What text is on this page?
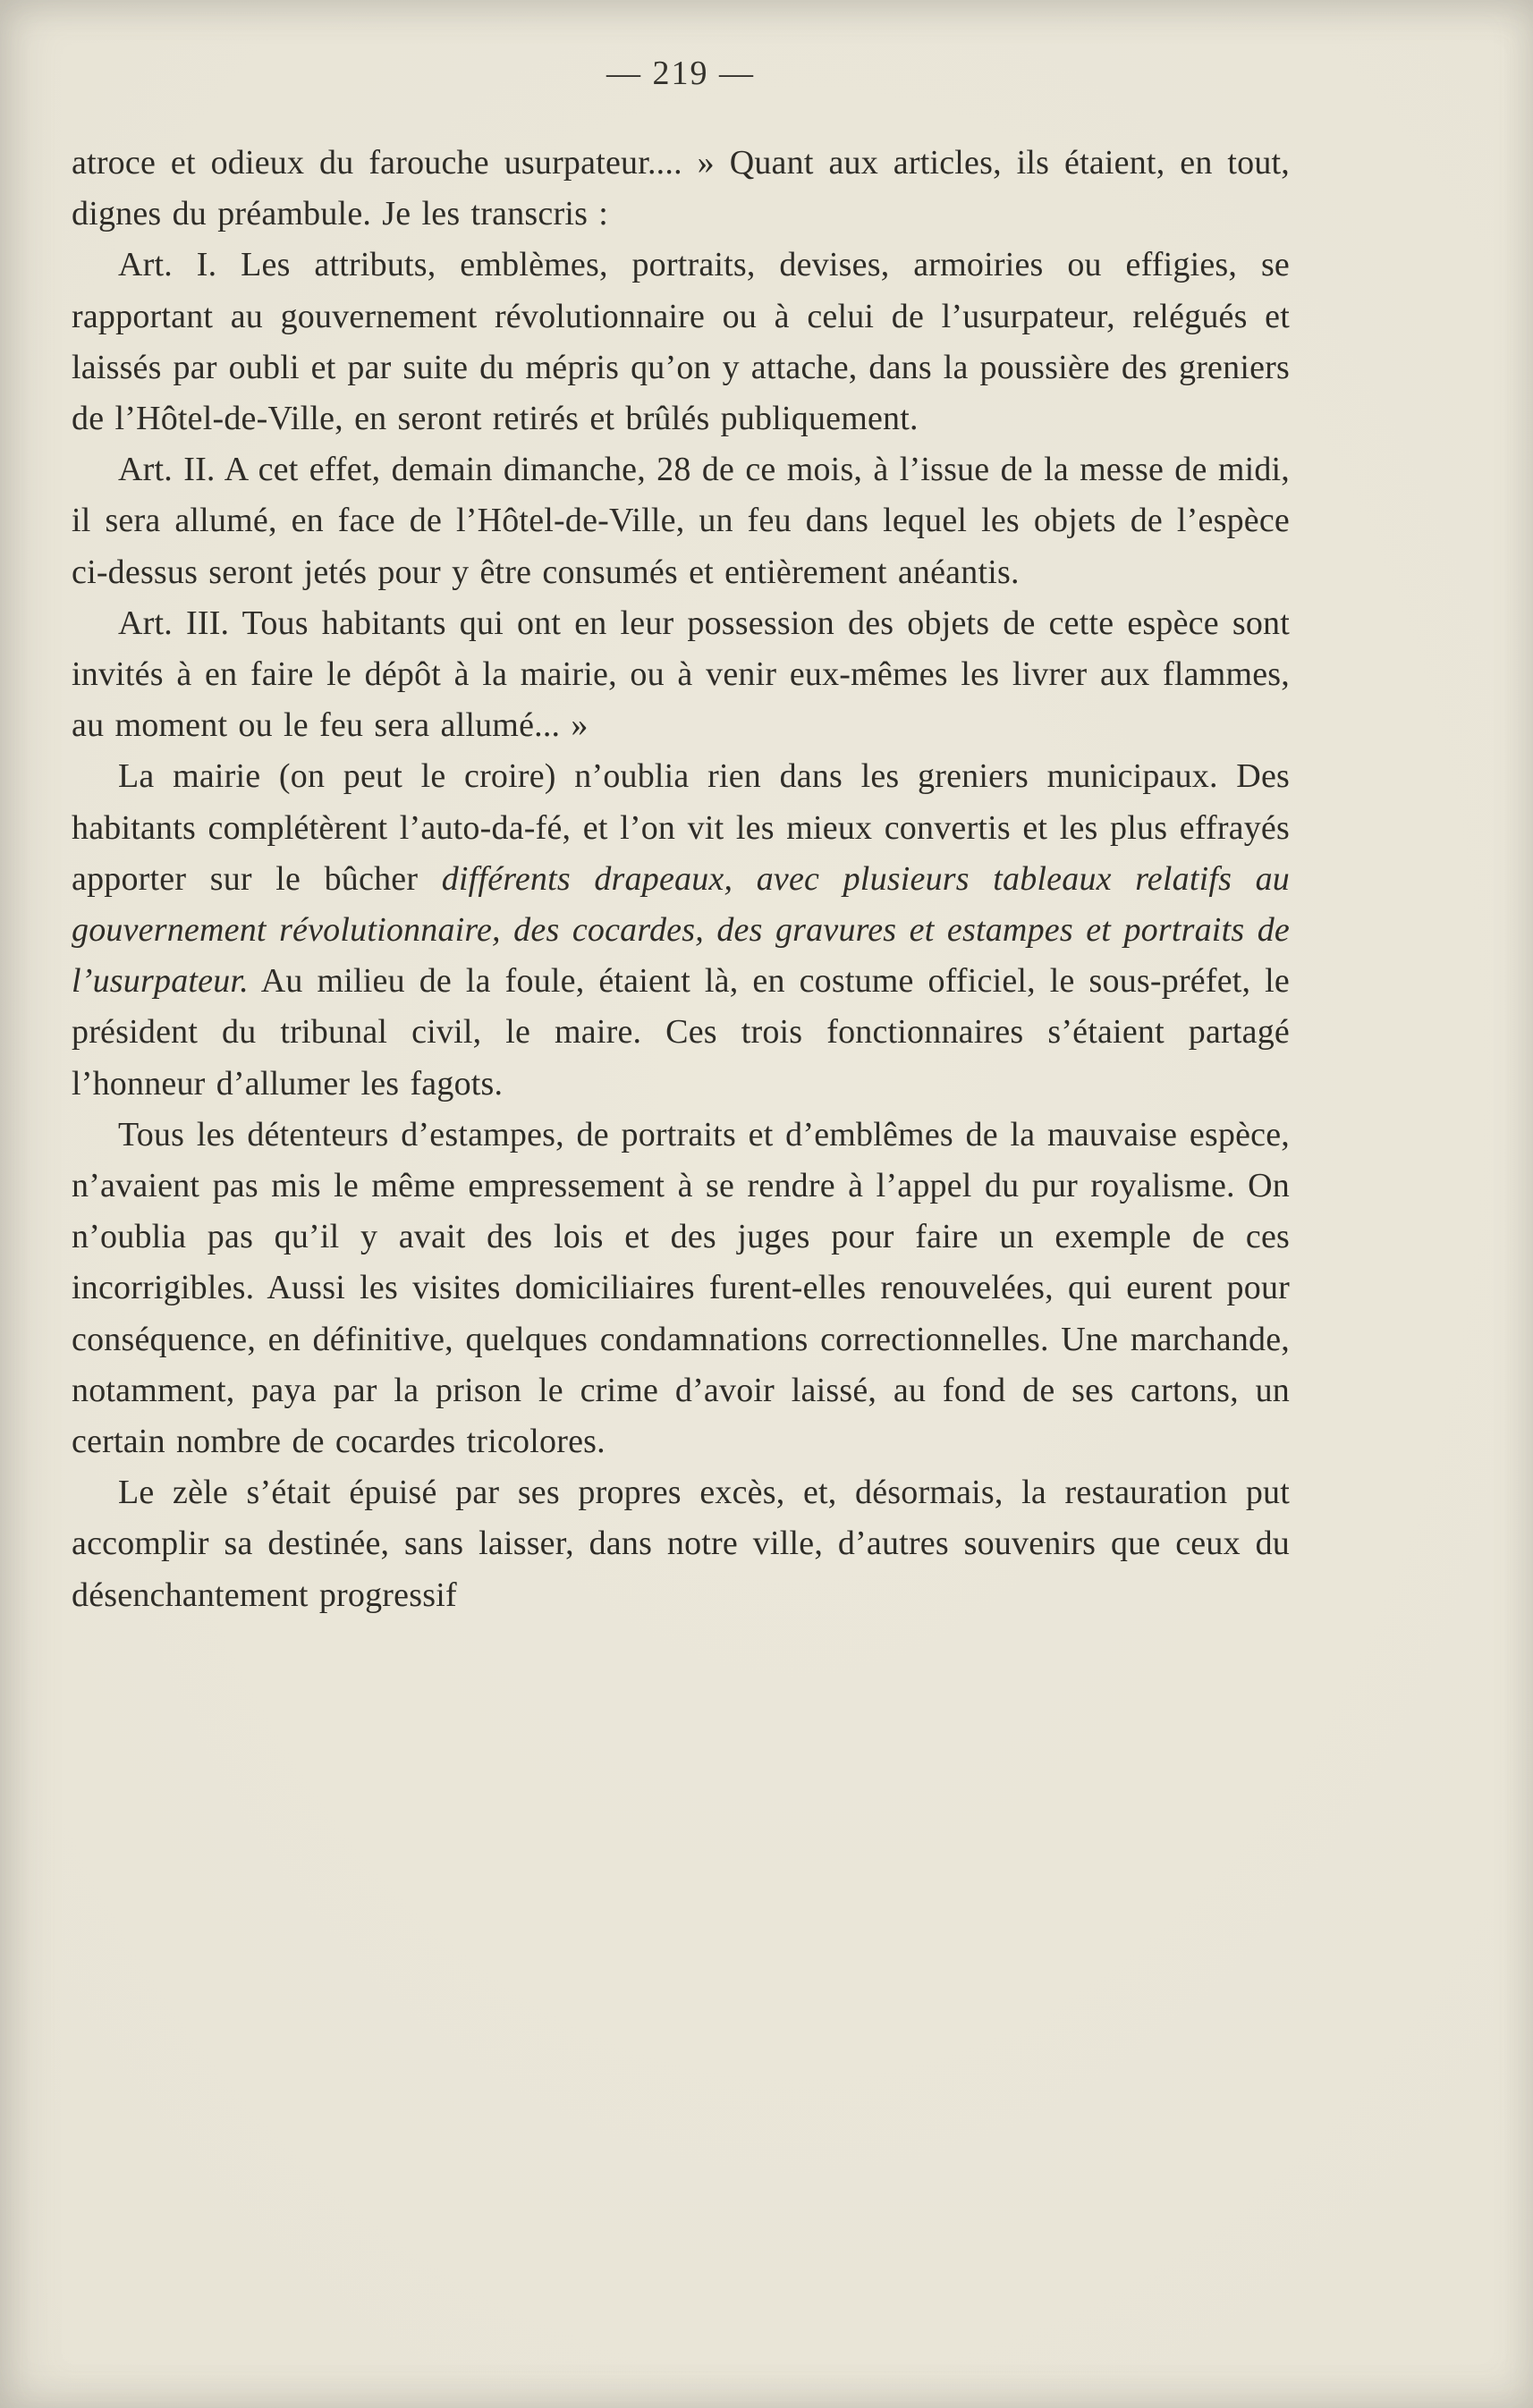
— 219 —

atroce et odieux du farouche usurpateur.... » Quant aux articles, ils étaient, en tout, dignes du préambule. Je les transcris :

Art. I. Les attributs, emblèmes, portraits, devises, armoiries ou effigies, se rapportant au gouvernement révolutionnaire ou à celui de l’usurpateur, relégués et laissés par oubli et par suite du mépris qu’on y attache, dans la poussière des greniers de l’Hôtel-de-Ville, en seront retirés et brûlés publiquement.

Art. II. A cet effet, demain dimanche, 28 de ce mois, à l’issue de la messe de midi, il sera allumé, en face de l’Hôtel-de-Ville, un feu dans lequel les objets de l’espèce ci-dessus seront jetés pour y être consumés et entièrement anéantis.

Art. III. Tous habitants qui ont en leur possession des objets de cette espèce sont invités à en faire le dépôt à la mairie, ou à venir eux-mêmes les livrer aux flammes, au moment ou le feu sera allumé... »

La mairie (on peut le croire) n’oublia rien dans les greniers municipaux. Des habitants complétèrent l’auto-da-fé, et l’on vit les mieux convertis et les plus effrayés apporter sur le bûcher différents drapeaux, avec plusieurs tableaux relatifs au gouvernement révolutionnaire, des cocardes, des gravures et estampes et portraits de l’usurpateur. Au milieu de la foule, étaient là, en costume officiel, le sous-préfet, le président du tribunal civil, le maire. Ces trois fonctionnaires s’étaient partagé l’honneur d’allumer les fagots.

Tous les détenteurs d’estampes, de portraits et d’emblêmes de la mauvaise espèce, n’avaient pas mis le même empressement à se rendre à l’appel du pur royalisme. On n’oublia pas qu’il y avait des lois et des juges pour faire un exemple de ces incorrigibles. Aussi les visites domiciliaires furent-elles renouvelées, qui eurent pour conséquence, en définitive, quelques condamnations correctionnelles. Une marchande, notamment, paya par la prison le crime d’avoir laissé, au fond de ses cartons, un certain nombre de cocardes tricolores.

Le zèle s’était épuisé par ses propres excès, et, désormais, la restauration put accomplir sa destinée, sans laisser, dans notre ville, d’autres souvenirs que ceux du désenchantement progressif
